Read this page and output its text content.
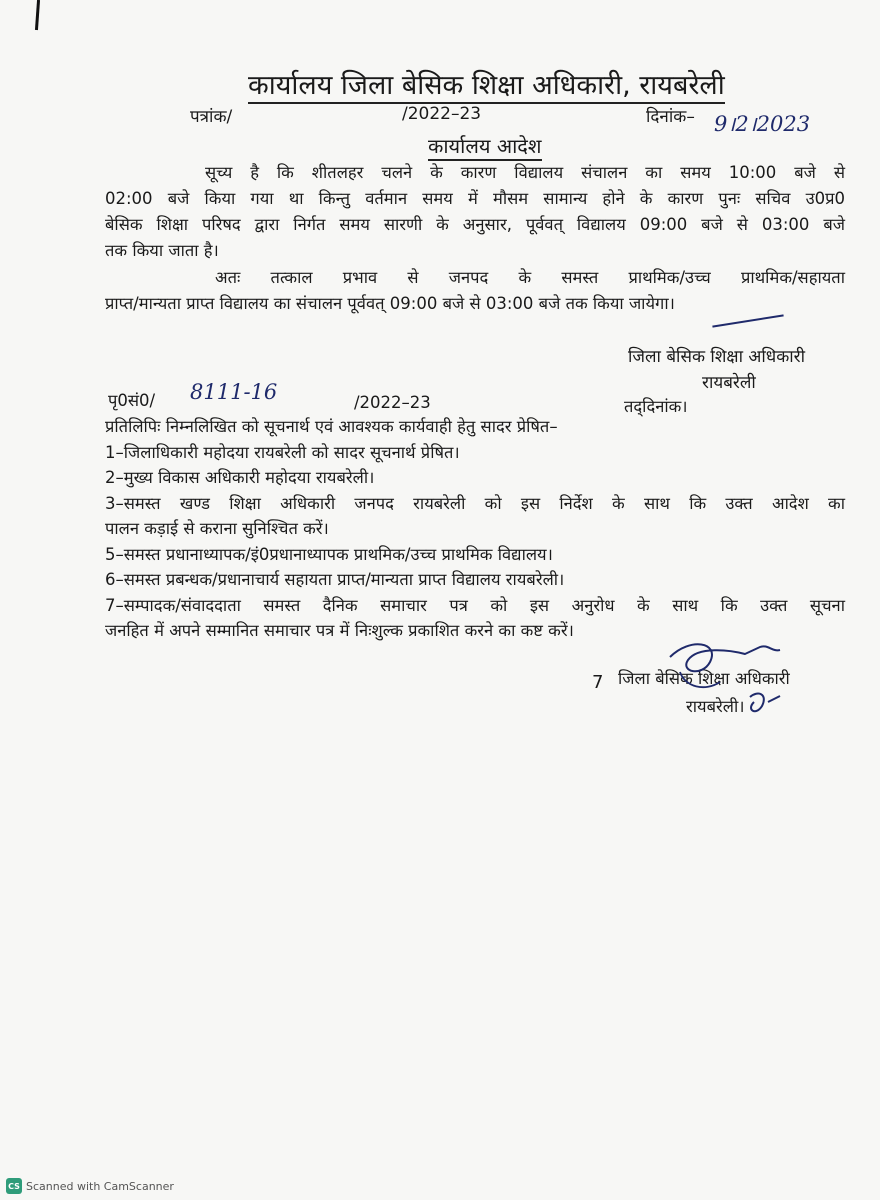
कार्यालय जिला बेसिक शिक्षा अधिकारी, रायबरेली
पत्रांक/	/2022–23	दिनांक– 9।2।2023
कार्यालय आदेश
सूच्य है कि शीतलहर चलने के कारण विद्यालय संचालन का समय 10:00 बजे से
02:00 बजे किया गया था किन्तु वर्तमान समय में मौसम सामान्य होने के कारण पुनः सचिव उ0प्र0
बेसिक शिक्षा परिषद द्वारा निर्गत समय सारणी के अनुसार, पूर्ववत् विद्यालय 09:00 बजे से 03:00 बजे
तक किया जाता है।
अतः तत्काल प्रभाव से जनपद के समस्त प्राथमिक/उच्च प्राथमिक/सहायता
प्राप्त/मान्यता प्राप्त विद्यालय का संचालन पूर्ववत् 09:00 बजे से 03:00 बजे तक किया जायेगा।
जिला बेसिक शिक्षा अधिकारी
रायबरेली
पृ0सं0/ 8111-16	/2022–23	तद्‌दिनांक।
प्रतिलिपिः निम्नलिखित को सूचनार्थ एवं आवश्यक कार्यवाही हेतु सादर प्रेषित–
1–जिलाधिकारी महोदया रायबरेली को सादर सूचनार्थ प्रेषित।
2–मुख्य विकास अधिकारी महोदया रायबरेली।
3–समस्त खण्ड शिक्षा अधिकारी जनपद रायबरेली को इस निर्देश के साथ कि उक्त आदेश का
पालन कड़ाई से कराना सुनिश्चित करें।
5–समस्त प्रधानाध्यापक/इं0प्रधानाध्यापक प्राथमिक/उच्च प्राथमिक विद्यालय।
6–समस्त प्रबन्धक/प्रधानाचार्य सहायता प्राप्त/मान्यता प्राप्त विद्यालय रायबरेली।
7–सम्पादक/संवाददाता समस्त दैनिक समाचार पत्र को इस अनुरोध के साथ कि उक्त सूचना
जनहित में अपने सम्मानित समाचार पत्र में निःशुल्क प्रकाशित करने का कष्ट करें।
7 जिला बेसिक शिक्षा अधिकारी
रायबरेली।
CS Scanned with CamScanner
